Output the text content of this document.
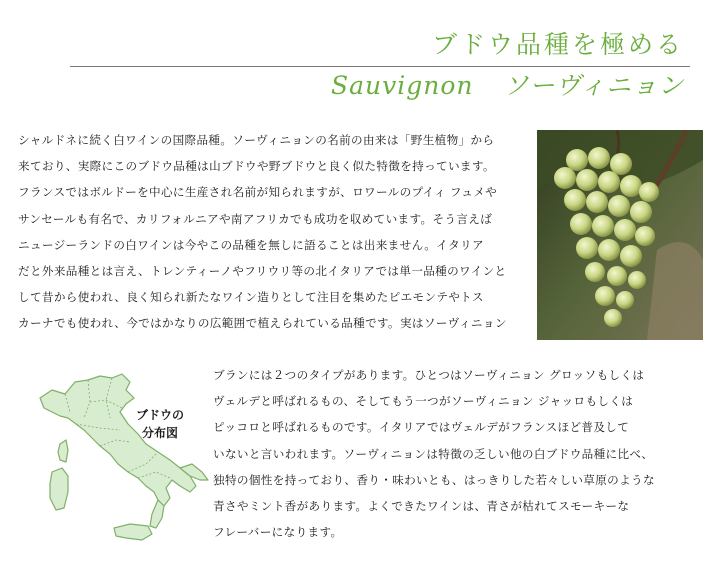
ブドウ品種を極める
Sauvignon ソーヴィニョン
シャルドネに続く白ワインの国際品種。ソーヴィニョンの名前の由来は「野生植物」から
来ており、実際にこのブドウ品種は山ブドウや野ブドウと良く似た特徴を持っています。
フランスではボルドーを中心に生産され名前が知られますが、ロワールのプイィ フュメや
サンセールも有名で、カリフォルニアや南アフリカでも成功を収めています。そう言えば
ニュージーランドの白ワインは今やこの品種を無しに語ることは出来ません。イタリア
だと外来品種とは言え、トレンティーノやフリウリ等の北イタリアでは単一品種のワインと
して昔から使われ、良く知られ新たなワイン造りとして注目を集めたピエモンテやトス
カーナでも使われ、今ではかなりの広範囲で植えられている品種です。実はソーヴィニョン
ブドウの
分布図
ブランには２つのタイプがあります。ひとつはソーヴィニョン グロッソもしくは
ヴェルデと呼ばれるもの、そしてもう一つがソーヴィニョン ジャッロもしくは
ピッコロと呼ばれるものです。イタリアではヴェルデがフランスほど普及して
いないと言いわれます。ソーヴィニョンは特徴の乏しい他の白ブドウ品種に比べ、
独特の個性を持っており、香り・味わいとも、はっきりした若々しい草原のような
青さやミント香があります。よくできたワインは、青さが枯れてスモーキーな
フレーバーになります。
